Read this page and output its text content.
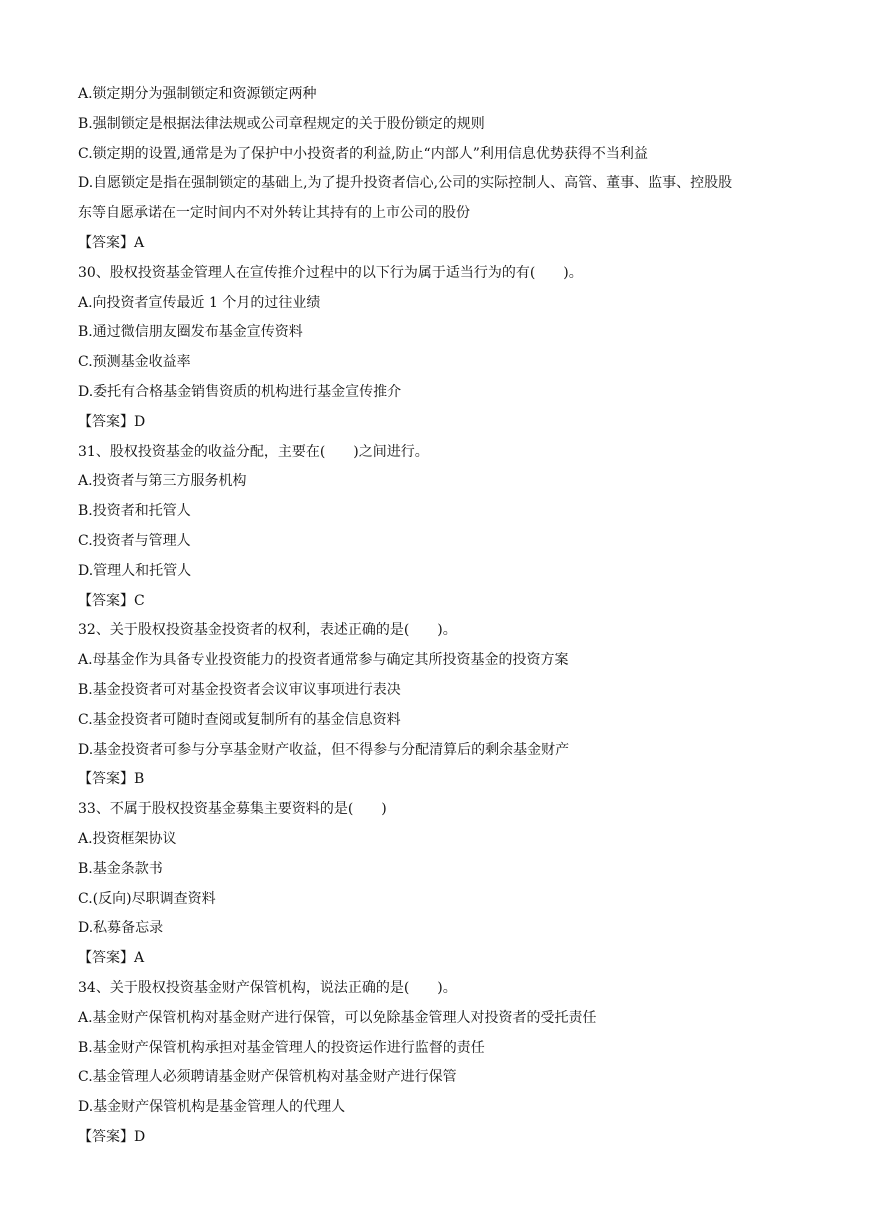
A.锁定期分为强制锁定和资源锁定两种
B.强制锁定是根据法律法规或公司章程规定的关于股份锁定的规则
C.锁定期的设置,通常是为了保护中小投资者的利益,防止“内部人”利用信息优势获得不当利益
D.自愿锁定是指在强制锁定的基础上,为了提升投资者信心,公司的实际控制人、高管、董事、监事、控股股
东等自愿承诺在一定时间内不对外转让其持有的上市公司的股份
【答案】A
30、股权投资基金管理人在宣传推介过程中的以下行为属于适当行为的有(　　)。
A.向投资者宣传最近 1 个月的过往业绩
B.通过微信朋友圈发布基金宣传资料
C.预测基金收益率
D.委托有合格基金销售资质的机构进行基金宣传推介
【答案】D
31、股权投资基金的收益分配，主要在(　　)之间进行。
A.投资者与第三方服务机构
B.投资者和托管人
C.投资者与管理人
D.管理人和托管人
【答案】C
32、关于股权投资基金投资者的权利，表述正确的是(　　)。
A.母基金作为具备专业投资能力的投资者通常参与确定其所投资基金的投资方案
B.基金投资者可对基金投资者会议审议事项进行表决
C.基金投资者可随时查阅或复制所有的基金信息资料
D.基金投资者可参与分享基金财产收益，但不得参与分配清算后的剩余基金财产
【答案】B
33、不属于股权投资基金募集主要资料的是(　　)
A.投资框架协议
B.基金条款书
C.(反向)尽职调查资料
D.私募备忘录
【答案】A
34、关于股权投资基金财产保管机构，说法正确的是(　　)。
A.基金财产保管机构对基金财产进行保管，可以免除基金管理人对投资者的受托责任
B.基金财产保管机构承担对基金管理人的投资运作进行监督的责任
C.基金管理人必须聘请基金财产保管机构对基金财产进行保管
D.基金财产保管机构是基金管理人的代理人
【答案】D
